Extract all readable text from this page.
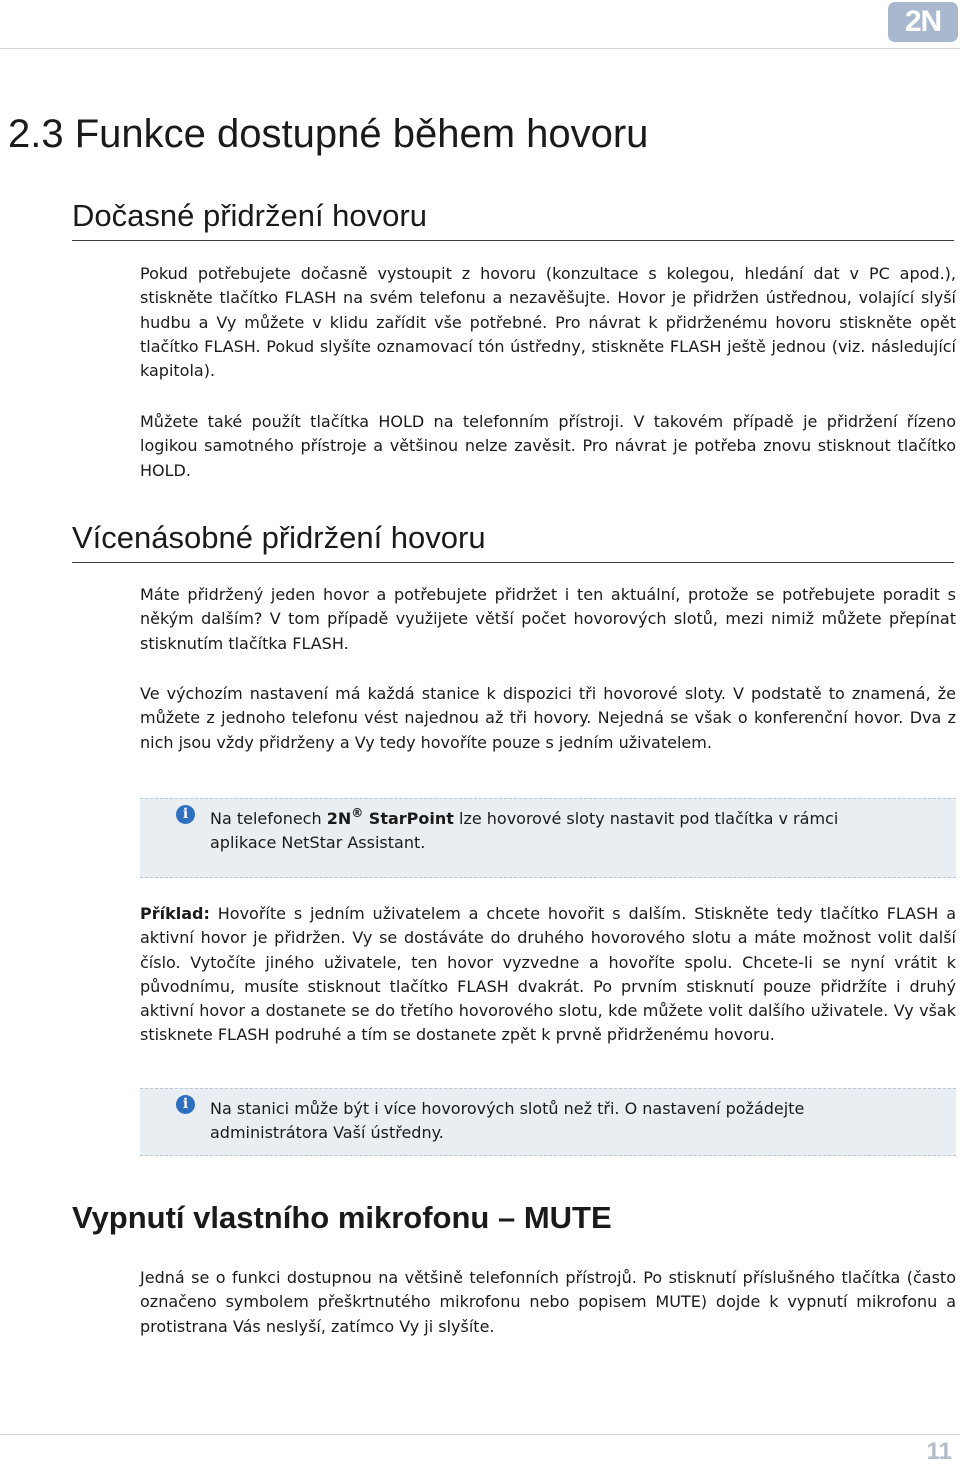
2N
2.3 Funkce dostupné během hovoru
Dočasné přidržení hovoru

Pokud potřebujete dočasně vystoupit z hovoru (konzultace s kolegou, hledání dat v PC apod.), stiskněte tlačítko FLASH na svém telefonu a nezavěšujte. Hovor je přidržen ústřednou, volající slyší hudbu a Vy můžete v klidu zařídit vše potřebné. Pro návrat k přidrženému hovoru stiskněte opět tlačítko FLASH. Pokud slyšíte oznamovací tón ústředny, stiskněte FLASH ještě jednou (viz. následující kapitola).

Můžete také použít tlačítka HOLD na telefonním přístroji. V takovém případě je přidržení řízeno logikou samotného přístroje a většinou nelze zavěsit. Pro návrat je potřeba znovu stisknout tlačítko HOLD.

Vícenásobné přidržení hovoru

Máte přidržený jeden hovor a potřebujete přidržet i ten aktuální, protože se potřebujete poradit s někým dalším? V tom případě využijete větší počet hovorových slotů, mezi nimiž můžete přepínat stisknutím tlačítka FLASH.

Ve výchozím nastavení má každá stanice k dispozici tři hovorové sloty. V podstatě to znamená, že můžete z jednoho telefonu vést najednou až tři hovory. Nejedná se však o konferenční hovor. Dva z nich jsou vždy přidrženy a Vy tedy hovoříte pouze s jedním uživatelem.

i	Na telefonech 2N® StarPoint lze hovorové sloty nastavit pod tlačítka v rámci aplikace NetStar Assistant.

Příklad: Hovoříte s jedním uživatelem a chcete hovořit s dalším. Stiskněte tedy tlačítko FLASH a aktivní hovor je přidržen. Vy se dostáváte do druhého hovorového slotu a máte možnost volit další číslo. Vytočíte jiného uživatele, ten hovor vyzvedne a hovoříte spolu. Chcete-li se nyní vrátit k původnímu, musíte stisknout tlačítko FLASH dvakrát. Po prvním stisknutí pouze přidržíte i druhý aktivní hovor a dostanete se do třetího hovorového slotu, kde můžete volit dalšího uživatele. Vy však stisknete FLASH podruhé a tím se dostanete zpět k prvně přidrženému hovoru.

i	Na stanici může být i více hovorových slotů než tři. O nastavení požádejte administrátora Vaší ústředny.

Vypnutí vlastního mikrofonu – MUTE

Jedná se o funkci dostupnou na většině telefonních přístrojů. Po stisknutí příslušného tlačítka (často označeno symbolem přeškrtnutého mikrofonu nebo popisem MUTE) dojde k vypnutí mikrofonu a protistrana Vás neslyší, zatímco Vy ji slyšíte.

11
